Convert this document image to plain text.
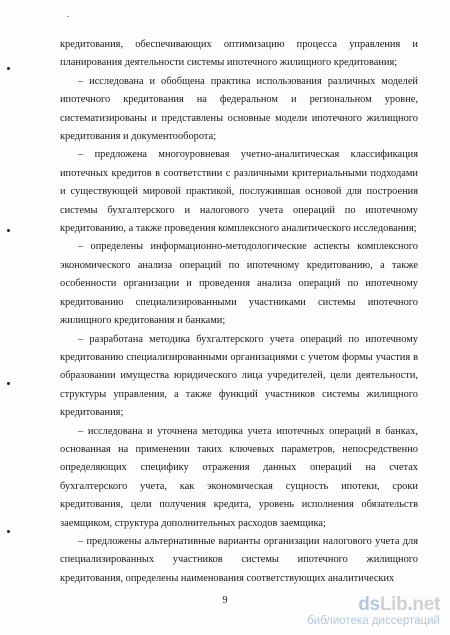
кредитования, обеспечивающих оптимизацию процесса управления и планирования деятельности системы ипотечного жилищного кредитования;

– исследована и обобщена практика использования различных моделей ипотечного кредитования на федеральном и региональном уровне, систематизированы и представлены основные модели ипотечного жилищного кредитования и документооборота;

– предложена многоуровневая учетно-аналитическая классификация ипотечных кредитов в соответствии с различными критериальными подходами и существующей мировой практикой, послужившая основой для построения системы бухгалтерского и налогового учета операций по ипотечному кредитованию, а также проведения комплексного аналитического исследования;

– определены информационно-методологические аспекты комплексного экономического анализа операций по ипотечному кредитованию, а также особенности организации и проведения анализа операций по ипотечному кредитованию специализированными участниками системы ипотечного жилищного кредитования и банками;

– разработана методика бухгалтерского учета операций по ипотечному кредитованию специализированными организациями с учетом формы участия в образовании имущества юридического лица учредителей, цели деятельности, структуры управления, а также функций участников системы жилищного кредитования;

– исследована и уточнена методика учета ипотечных операций в банках, основанная на применении таких ключевых параметров, непосредственно определяющих специфику отражения данных операций на счетах бухгалтерского учета, как экономическая сущность ипотеки, сроки кредитования, цели получения кредита, уровень исполнения обязательств заемщиком, структура дополнительных расходов заемщика;

– предложены альтернативные варианты организации налогового учета для специализированных участников системы ипотечного жилищного кредитования, определены наименования соответствующих аналитических

9	ds Lib . net
библиотека диссертаций
